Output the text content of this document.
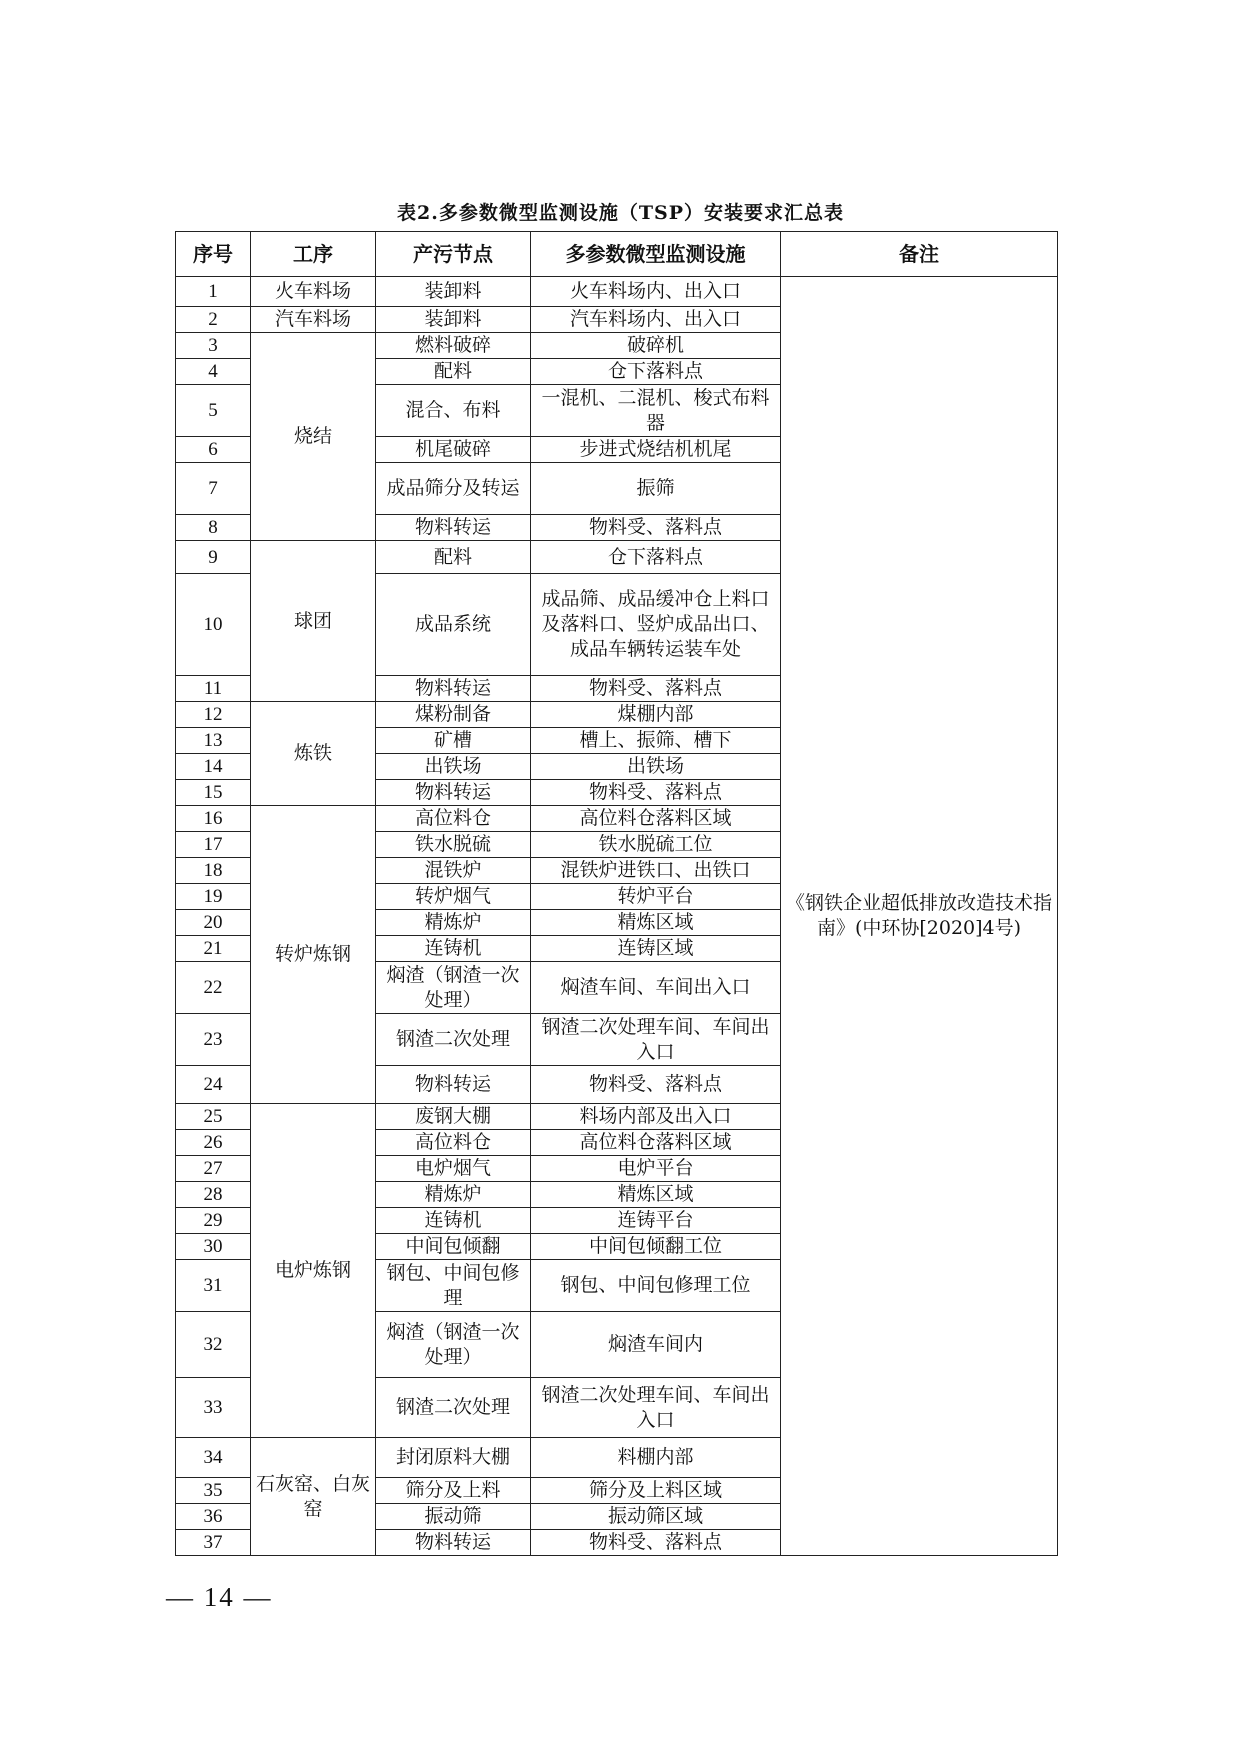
表2.多参数微型监测设施（TSP）安装要求汇总表
序号	工序	产污节点	多参数微型监测设施	备注
1	火车料场	装卸料	火车料场内、出入口	《钢铁企业超低排放改造技术指南》(中环协[2020]4号)
2	汽车料场	装卸料	汽车料场内、出入口	
3	烧结	燃料破碎	破碎机	
4		配料	仓下落料点	
5		混合、布料	一混机、二混机、梭式布料器	
6		机尾破碎	步进式烧结机机尾	
7		成品筛分及转运	振筛	
8		物料转运	物料受、落料点	
9	球团	配料	仓下落料点	
10		成品系统	成品筛、成品缓冲仓上料口及落料口、竖炉成品出口、成品车辆转运装车处	
11		物料转运	物料受、落料点	
12	炼铁	煤粉制备	煤棚内部	
13		矿槽	槽上、振筛、槽下	
14		出铁场	出铁场	
15		物料转运	物料受、落料点	
16	转炉炼钢	高位料仓	高位料仓落料区域	
17		铁水脱硫	铁水脱硫工位	
18		混铁炉	混铁炉进铁口、出铁口	
19		转炉烟气	转炉平台	
20		精炼炉	精炼区域	
21		连铸机	连铸区域	
22		焖渣（钢渣一次处理）	焖渣车间、车间出入口	
23		钢渣二次处理	钢渣二次处理车间、车间出入口	
24		物料转运	物料受、落料点	
25	电炉炼钢	废钢大棚	料场内部及出入口	
26		高位料仓	高位料仓落料区域	
27		电炉烟气	电炉平台	
28		精炼炉	精炼区域	
29		连铸机	连铸平台	
30		中间包倾翻	中间包倾翻工位	
31		钢包、中间包修理	钢包、中间包修理工位	
32		焖渣（钢渣一次处理）	焖渣车间内	
33		钢渣二次处理	钢渣二次处理车间、车间出入口	
34	石灰窑、白灰窑	封闭原料大棚	料棚内部	
35		筛分及上料	筛分及上料区域	
36		振动筛	振动筛区域	
37		物料转运	物料受、落料点	
— 14 —
